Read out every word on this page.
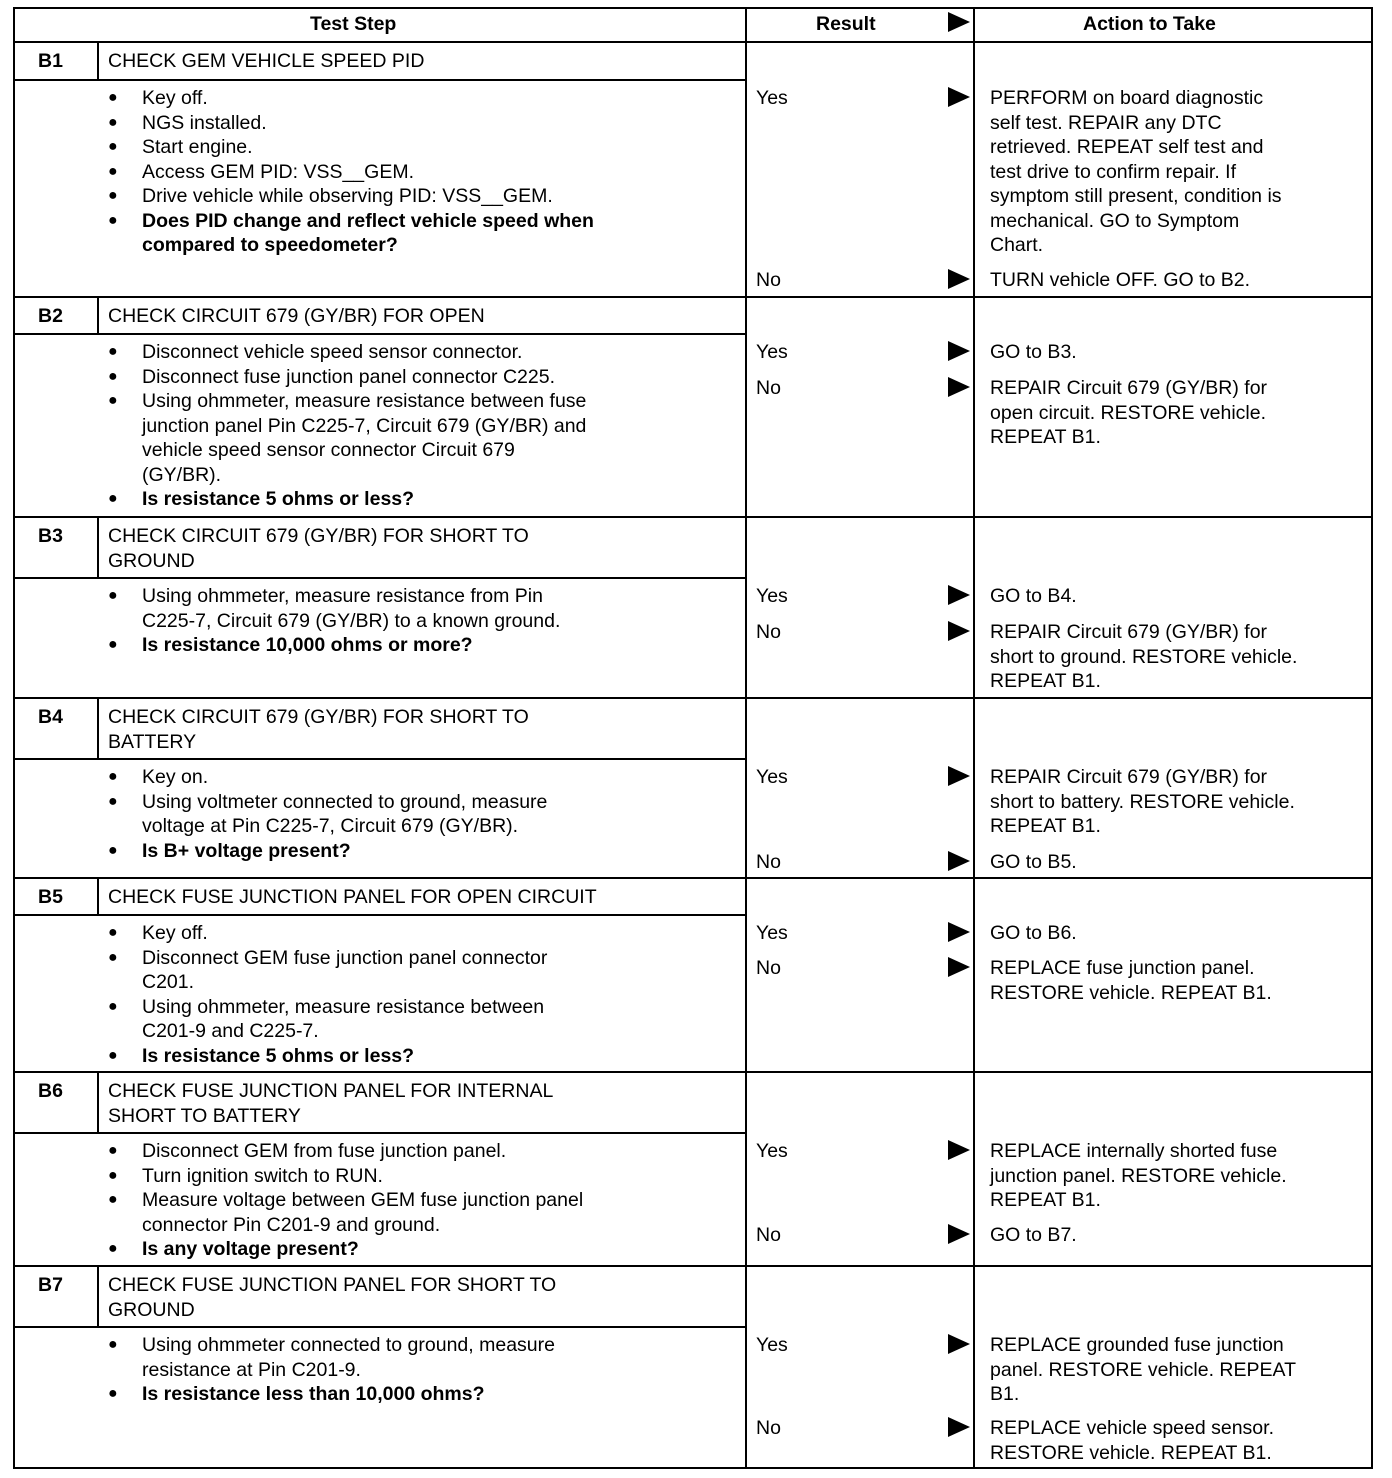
Test Step	Result	Action to Take
B1 CHECK GEM VEHICLE SPEED PID
● Key off.
● NGS installed.
● Start engine.
● Access GEM PID: VSS__GEM.
● Drive vehicle while observing PID: VSS__GEM.
● Does PID change and reflect vehicle speed when
compared to speedometer?
Yes	PERFORM on board diagnostic
self test. REPAIR any DTC
retrieved. REPEAT self test and
test drive to confirm repair. If
symptom still present, condition is
mechanical. GO to Symptom
Chart.
No	TURN vehicle OFF. GO to B2.
B2 CHECK CIRCUIT 679 (GY/BR) FOR OPEN
● Disconnect vehicle speed sensor connector.
● Disconnect fuse junction panel connector C225.
● Using ohmmeter, measure resistance between fuse
junction panel Pin C225-7, Circuit 679 (GY/BR) and
vehicle speed sensor connector Circuit 679
(GY/BR).
● Is resistance 5 ohms or less?
Yes	GO to B3.
No	REPAIR Circuit 679 (GY/BR) for
open circuit. RESTORE vehicle.
REPEAT B1.
B3 CHECK CIRCUIT 679 (GY/BR) FOR SHORT TO
GROUND
● Using ohmmeter, measure resistance from Pin
C225-7, Circuit 679 (GY/BR) to a known ground.
● Is resistance 10,000 ohms or more?
Yes	GO to B4.
No	REPAIR Circuit 679 (GY/BR) for
short to ground. RESTORE vehicle.
REPEAT B1.
B4 CHECK CIRCUIT 679 (GY/BR) FOR SHORT TO
BATTERY
● Key on.
● Using voltmeter connected to ground, measure
voltage at Pin C225-7, Circuit 679 (GY/BR).
● Is B+ voltage present?
Yes	REPAIR Circuit 679 (GY/BR) for
short to battery. RESTORE vehicle.
REPEAT B1.
No	GO to B5.
B5 CHECK FUSE JUNCTION PANEL FOR OPEN CIRCUIT
● Key off.
● Disconnect GEM fuse junction panel connector
C201.
● Using ohmmeter, measure resistance between
C201-9 and C225-7.
● Is resistance 5 ohms or less?
Yes	GO to B6.
No	REPLACE fuse junction panel.
RESTORE vehicle. REPEAT B1.
B6 CHECK FUSE JUNCTION PANEL FOR INTERNAL
SHORT TO BATTERY
● Disconnect GEM from fuse junction panel.
● Turn ignition switch to RUN.
● Measure voltage between GEM fuse junction panel
connector Pin C201-9 and ground.
● Is any voltage present?
Yes	REPLACE internally shorted fuse
junction panel. RESTORE vehicle.
REPEAT B1.
No	GO to B7.
B7 CHECK FUSE JUNCTION PANEL FOR SHORT TO
GROUND
● Using ohmmeter connected to ground, measure
resistance at Pin C201-9.
● Is resistance less than 10,000 ohms?
Yes	REPLACE grounded fuse junction
panel. RESTORE vehicle. REPEAT
B1.
No	REPLACE vehicle speed sensor.
RESTORE vehicle. REPEAT B1.
